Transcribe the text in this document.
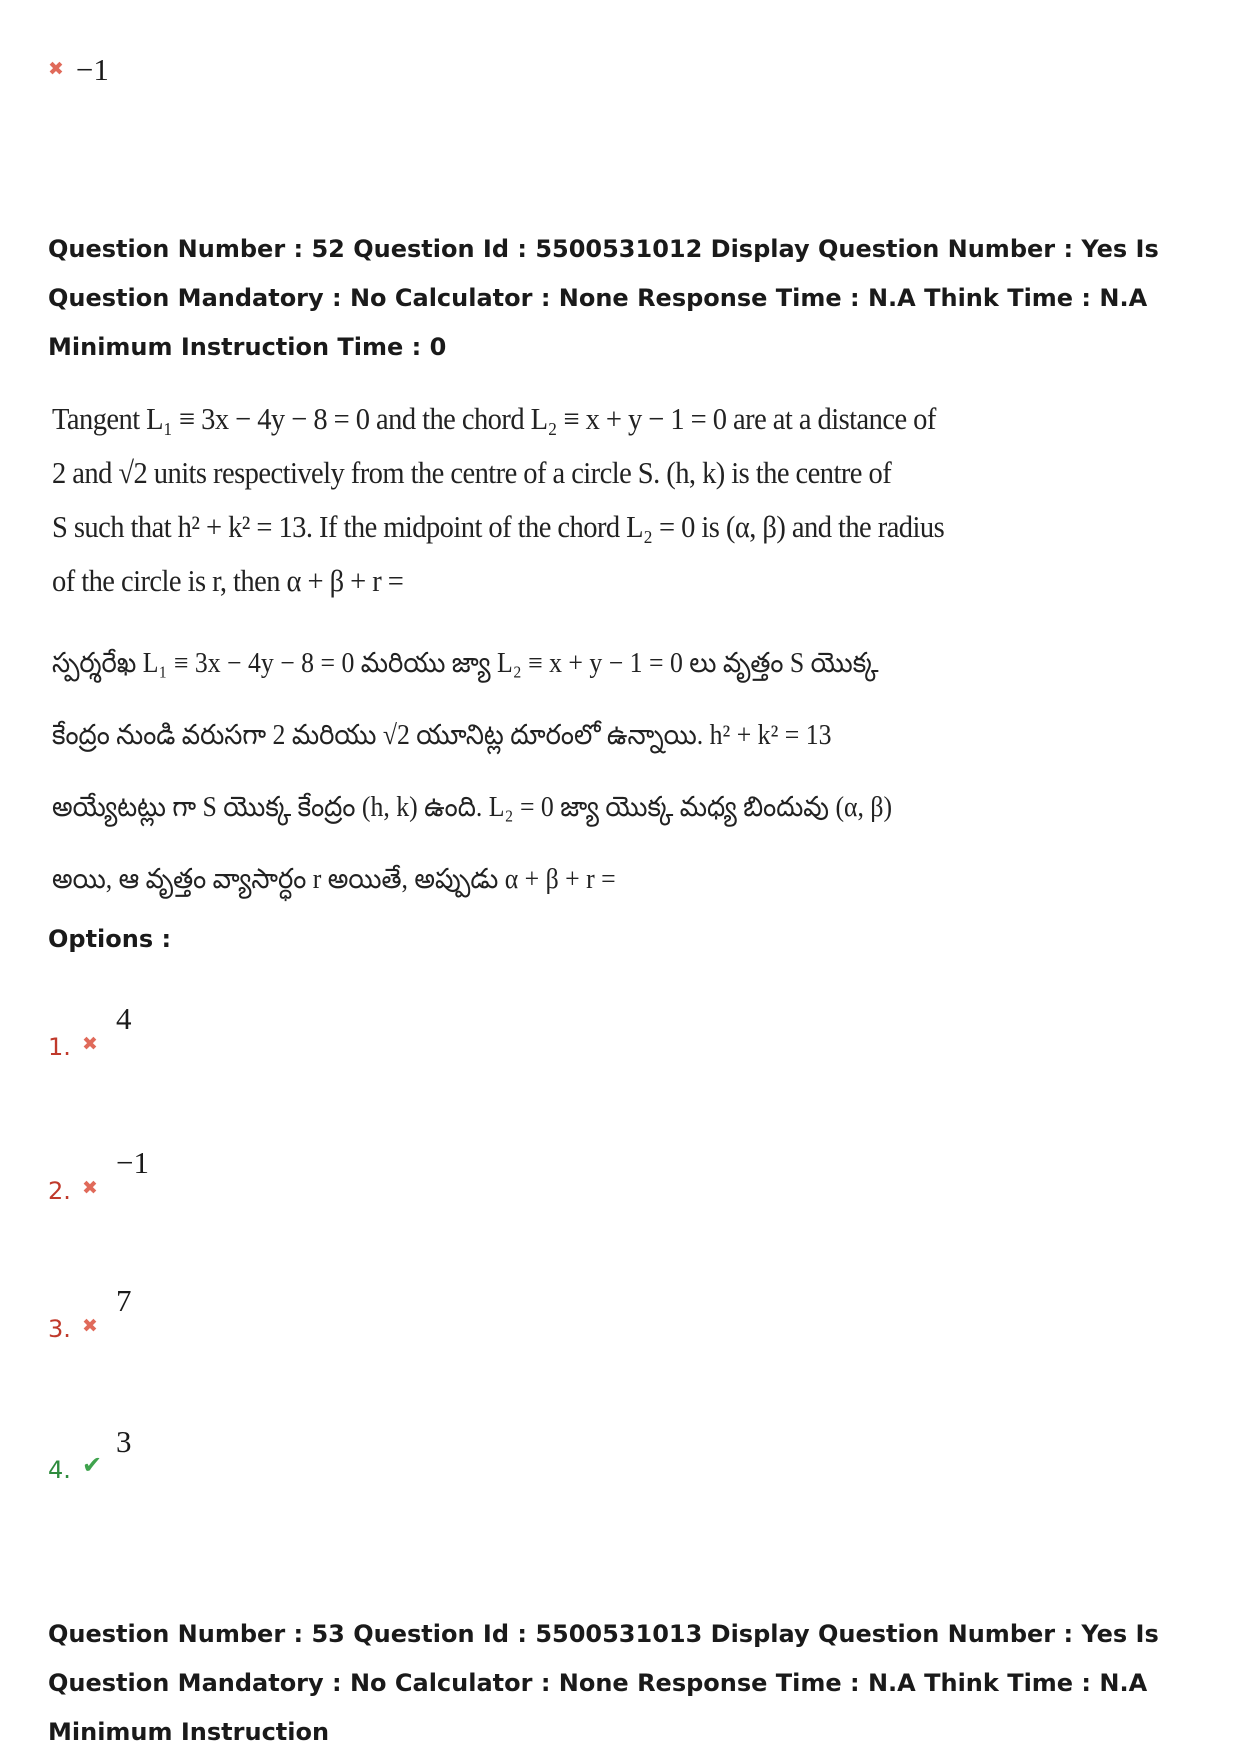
✖ −1
Question Number : 52 Question Id : 5500531012 Display Question Number : Yes Is Question Mandatory : No Calculator : None Response Time : N.A Think Time : N.A Minimum Instruction Time : 0
Tangent L₁ ≡ 3x − 4y − 8 = 0 and the chord L₂ ≡ x + y − 1 = 0 are at a distance of
2 and √2 units respectively from the centre of a circle S. (h, k) is the centre of
S such that h² + k² = 13. If the midpoint of the chord L₂ = 0 is (α, β) and the radius
of the circle is r, then α + β + r =
స్పర్శరేఖ L₁ ≡ 3x − 4y − 8 = 0 మరియు జ్యా L₂ ≡ x + y − 1 = 0 లు వృత్తం S యొక్క
కేంద్రం నుండి వరుసగా 2 మరియు √2 యూనిట్ల దూరంలో ఉన్నాయి. h² + k² = 13
అయ్యేటట్లు గా S యొక్క కేంద్రం (h, k) ఉంది. L₂ = 0 జ్యా యొక్క మధ్య బిందువు (α, β)
అయి, ఆ వృత్తం వ్యాసార్ధం r అయితే, అప్పుడు α + β + r =
Options :
1. ✖
4
2. ✖
−1
3. ✖
7
4. ✔
3
Question Number : 53 Question Id : 5500531013 Display Question Number : Yes Is Question Mandatory : No Calculator : None Response Time : N.A Think Time : N.A Minimum Instruction
